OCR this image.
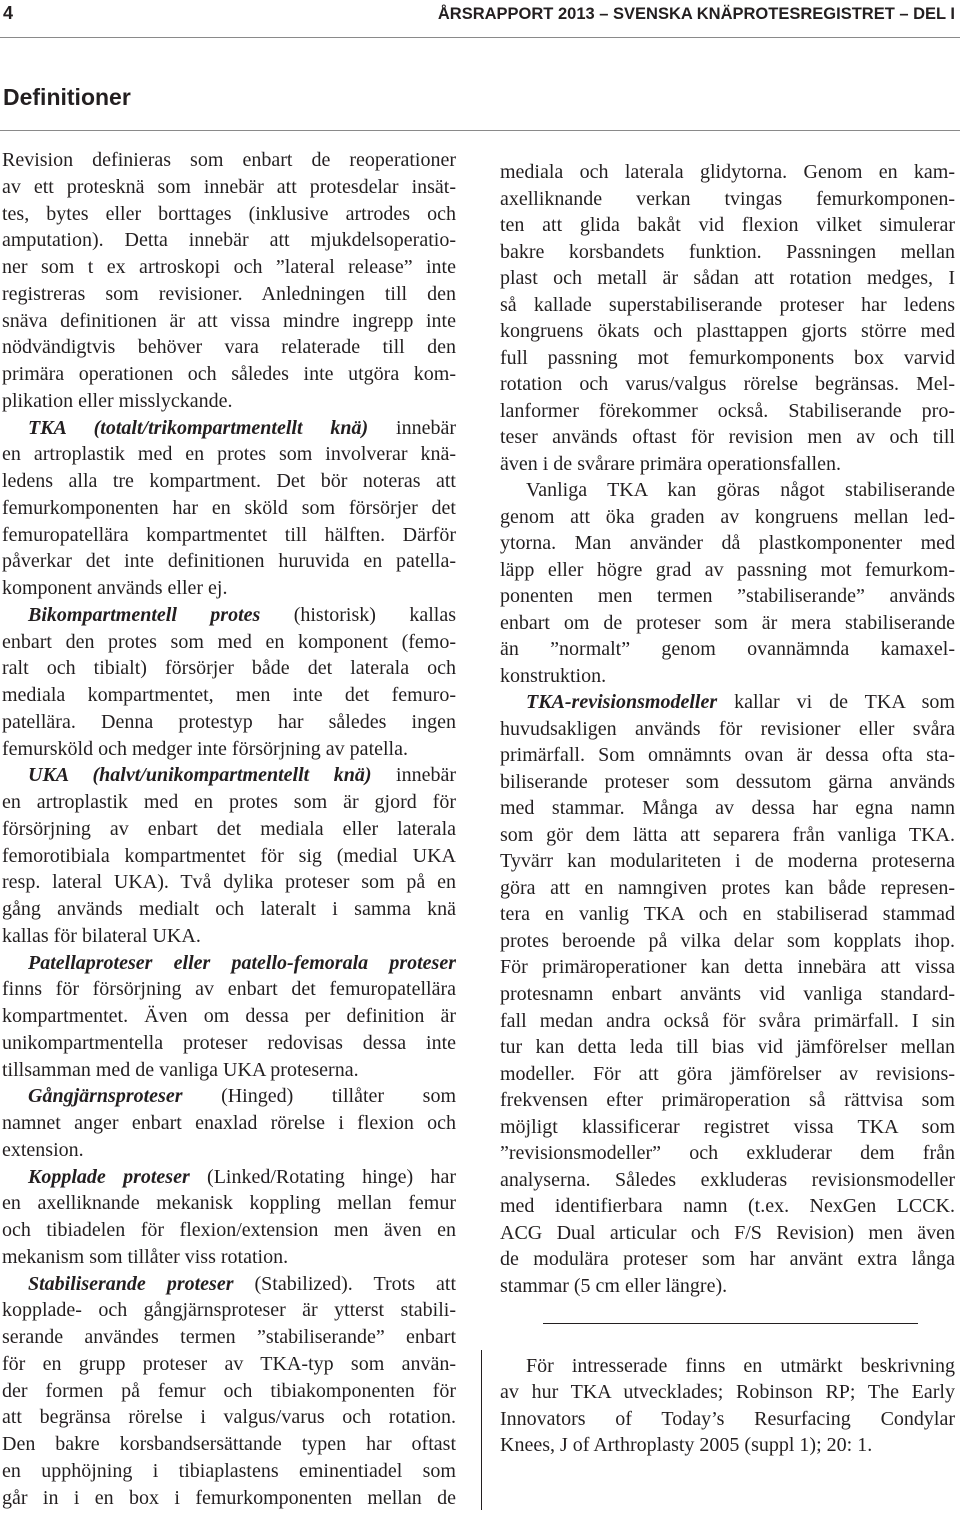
4	ÅRSRAPPORT 2013 – SVENSKA KNÄPROTESREGISTRET – DEL I
Definitioner
Revision definieras som enbart de reoperationer
av ett protesknä som innebär att protesdelar insät-
tes, bytes eller borttages (inklusive artrodes och
amputation). Detta innebär att mjukdelsoperatio-
ner som t ex artroskopi och ”lateral release” inte
registreras som revisioner. Anledningen till den
snäva definitionen är att vissa mindre ingrepp inte
nödvändigtvis behöver vara relaterade till den
primära operationen och således inte utgöra kom-
plikation eller misslyckande.
TKA (totalt/trikompartmentellt knä) innebär
en artroplastik med en protes som involverar knä-
ledens alla tre kompartment. Det bör noteras att
femurkomponenten har en sköld som försörjer det
femuropatellära kompartmentet till hälften. Därför
påverkar det inte definitionen huruvida en patella-
komponent används eller ej.
Bikompartmentell protes (historisk) kallas
enbart den protes som med en komponent (femo-
ralt och tibialt) försörjer både det laterala och
mediala kompartmentet, men inte det femuro-
patellära. Denna protestyp har således ingen
femursköld och medger inte försörjning av patella.
UKA (halvt/unikompartmentellt knä) innebär
en artroplastik med en protes som är gjord för
försörjning av enbart det mediala eller laterala
femorotibiala kompartmentet för sig (medial UKA
resp. lateral UKA). Två dylika proteser som på en
gång används medialt och lateralt i samma knä
kallas för bilateral UKA.
Patellaproteser eller patello-femorala proteser
finns för försörjning av enbart det femuropatellära
kompartmentet. Även om dessa per definition är
unikompartmentella proteser redovisas dessa inte
tillsamman med de vanliga UKA proteserna.
Gångjärnsproteser (Hinged) tillåter som
namnet anger enbart enaxlad rörelse i flexion och
extension.
Kopplade proteser (Linked/Rotating hinge) har
en axelliknande mekanisk koppling mellan femur
och tibiadelen för flexion/extension men även en
mekanism som tillåter viss rotation.
Stabiliserande proteser (Stabilized). Trots att
kopplade- och gångjärnsproteser är ytterst stabili-
serande användes termen ”stabiliserande” enbart
för en grupp proteser av TKA-typ som använ-
der formen på femur och tibiakomponenten för
att begränsa rörelse i valgus/varus och rotation.
Den bakre korsbandsersättande typen har oftast
en upphöjning i tibiaplastens eminentiadel som
går in i en box i femurkomponenten mellan de
mediala och laterala glidytorna. Genom en kam-
axelliknande verkan tvingas femurkomponen-
ten att glida bakåt vid flexion vilket simulerar
bakre korsbandets funktion. Passningen mellan
plast och metall är sådan att rotation medges, I
så kallade superstabiliserande proteser har ledens
kongruens ökats och plasttappen gjorts större med
full passning mot femurkomponents box varvid
rotation och varus/valgus rörelse begränsas. Mel-
lanformer förekommer också. Stabiliserande pro-
teser används oftast för revision men av och till
även i de svårare primära operationsfallen.
Vanliga TKA kan göras något stabiliserande
genom att öka graden av kongruens mellan led-
ytorna. Man använder då plastkomponenter med
läpp eller högre grad av passning mot femurkom-
ponenten men termen ”stabiliserande” används
enbart om de proteser som är mera stabiliserande
än ”normalt” genom ovannämnda kamaxel-
konstruktion.
TKA-revisionsmodeller kallar vi de TKA som
huvudsakligen används för revisioner eller svåra
primärfall. Som omnämnts ovan är dessa ofta sta-
biliserande proteser som dessutom gärna används
med stammar. Många av dessa har egna namn
som gör dem lätta att separera från vanliga TKA.
Tyvärr kan modulariteten i de moderna proteserna
göra att en namngiven protes kan både represen-
tera en vanlig TKA och en stabiliserad stammad
protes beroende på vilka delar som kopplats ihop.
För primäroperationer kan detta innebära att vissa
protesnamn enbart använts vid vanliga standard-
fall medan andra också för svåra primärfall. I sin
tur kan detta leda till bias vid jämförelser mellan
modeller. För att göra jämförelser av revisions-
frekvensen efter primäroperation så rättvisa som
möjligt klassificerar registret vissa TKA som
”revisionsmodeller” och exkluderar dem från
analyserna. Således exkluderas revisionsmodeller
med identifierbara namn (t.ex. NexGen LCCK.
ACG Dual articular och F/S Revision) men även
de modulära proteser som har använt extra långa
stammar (5 cm eller längre).
För intresserade finns en utmärkt beskrivning
av hur TKA utvecklades; Robinson RP; The Early
Innovators of Today’s Resurfacing Condylar
Knees, J of Arthroplasty 2005 (suppl 1); 20: 1.
